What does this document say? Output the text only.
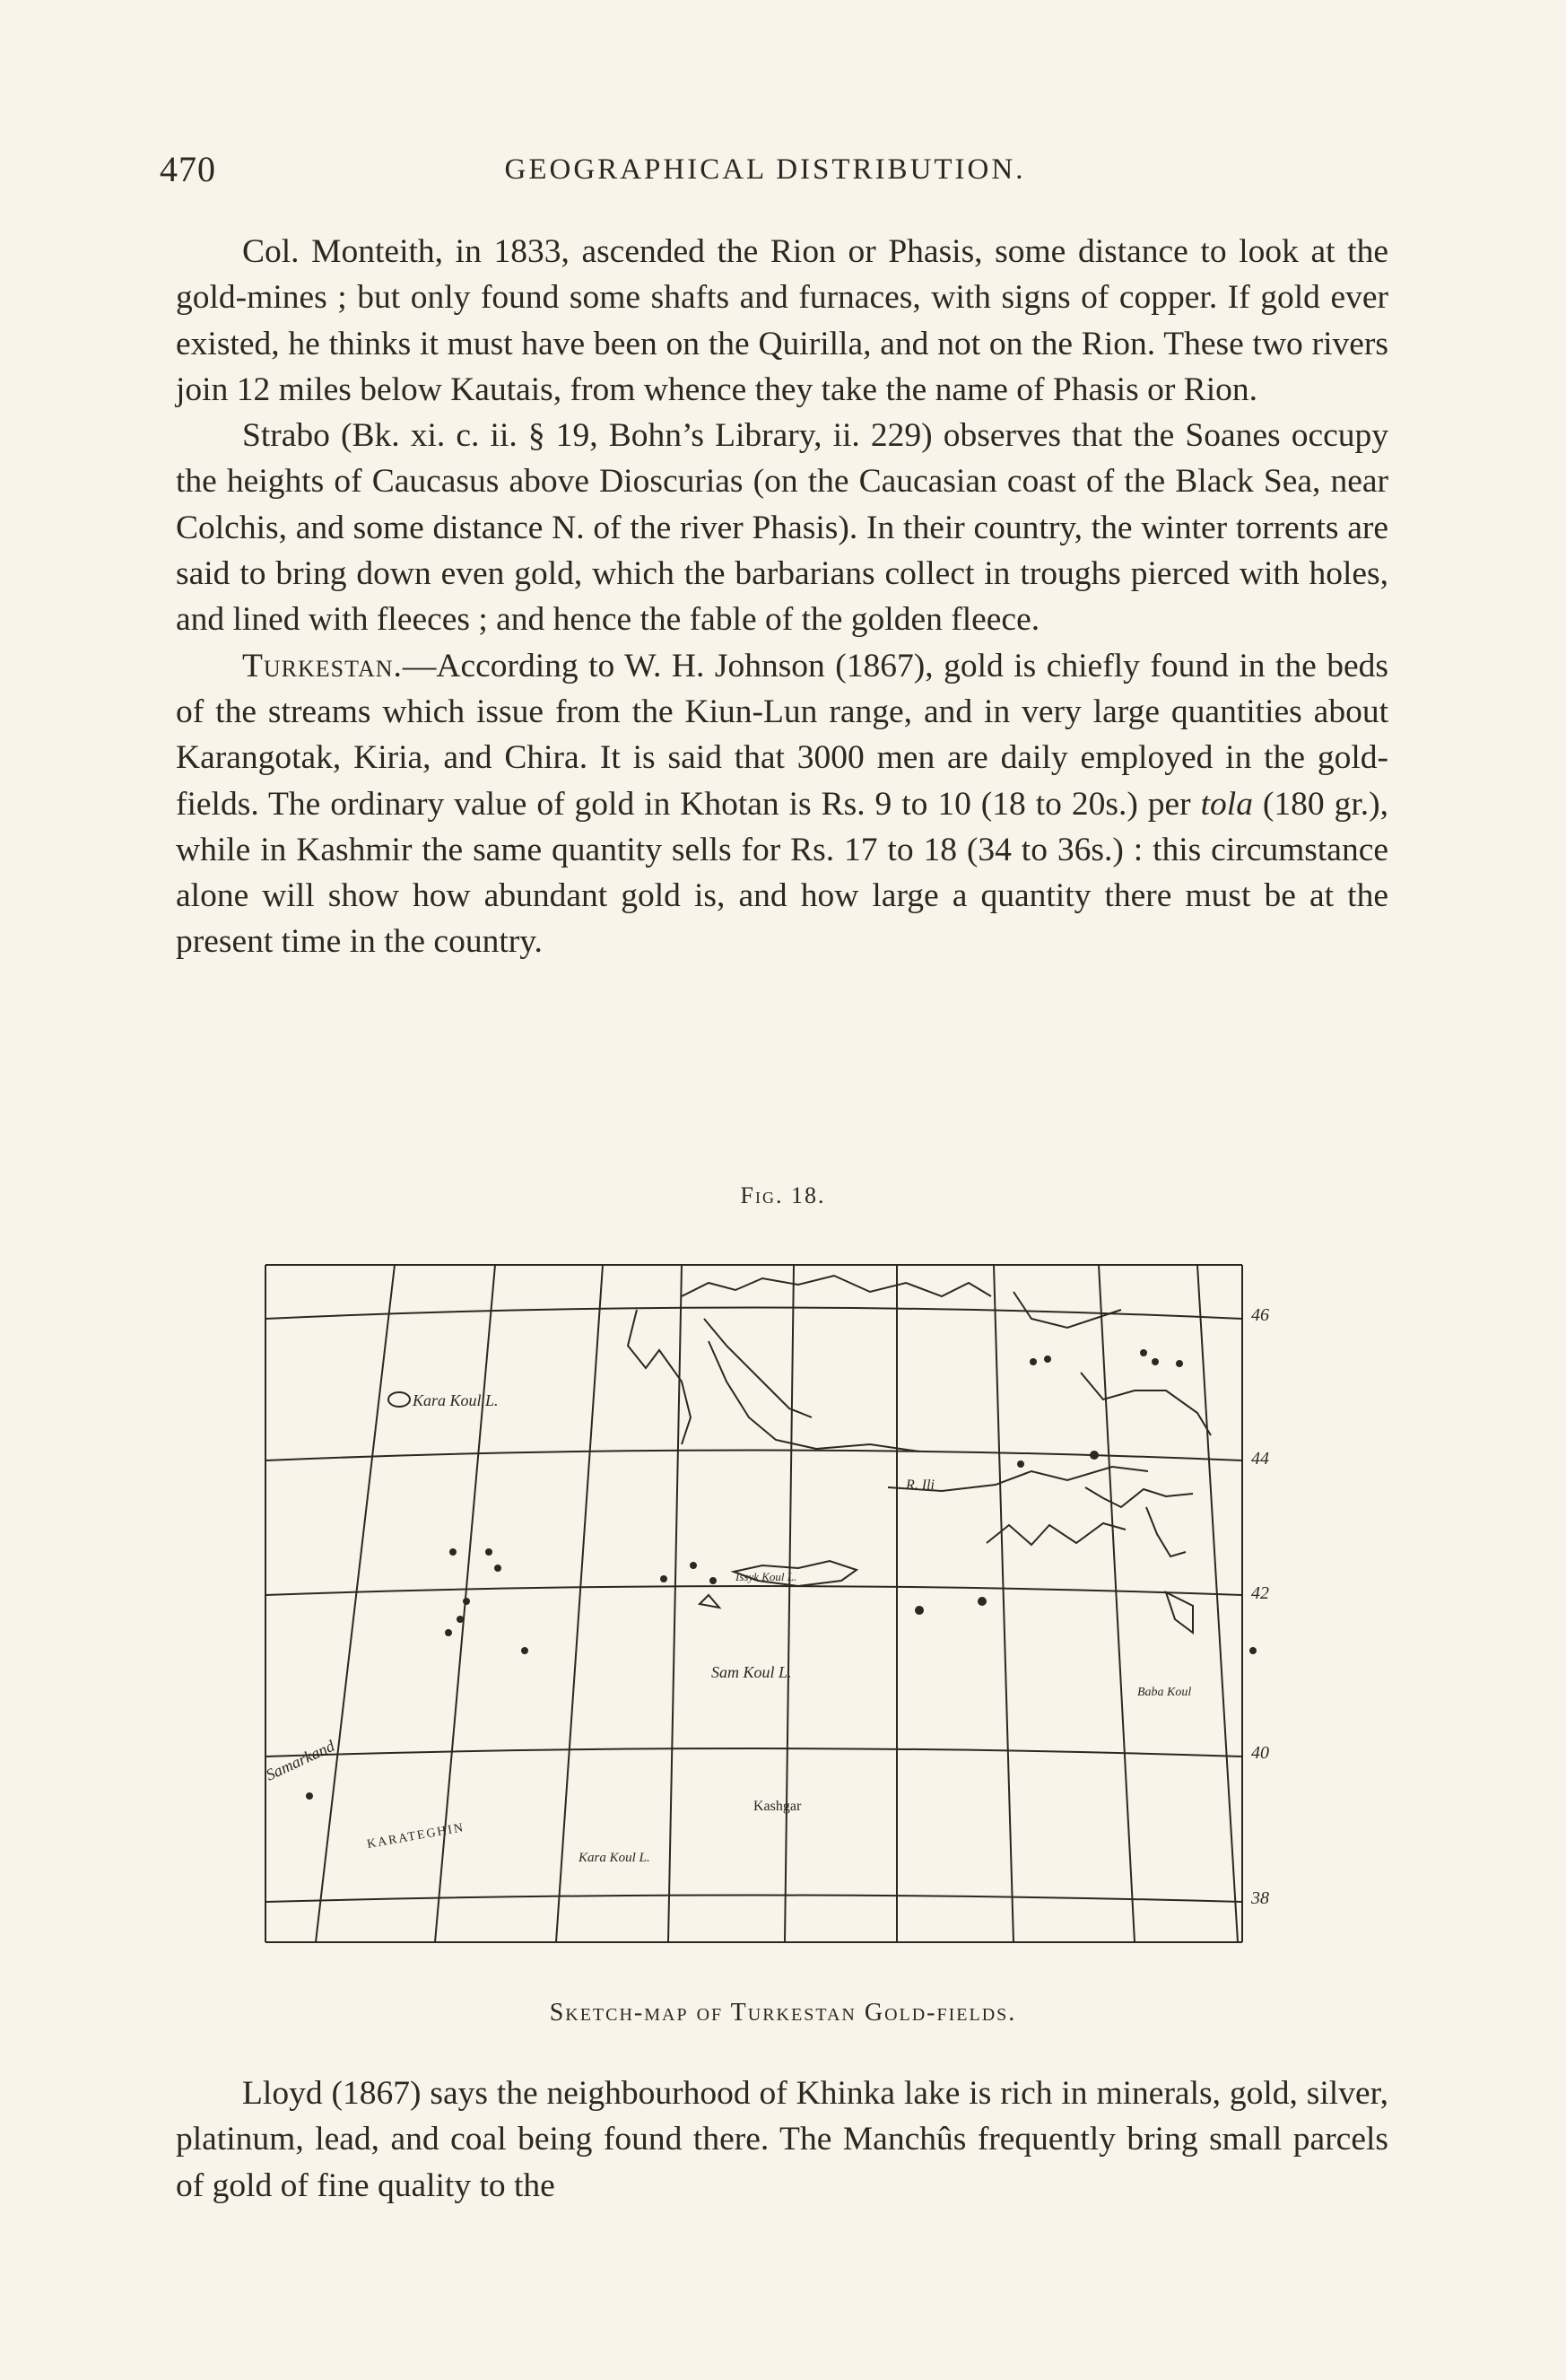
470	GEOGRAPHICAL DISTRIBUTION.

Col. Monteith, in 1833, ascended the Rion or Phasis, some distance to look at the gold-mines ; but only found some shafts and furnaces, with signs of copper. If gold ever existed, he thinks it must have been on the Quirilla, and not on the Rion. These two rivers join 12 miles below Kautais, from whence they take the name of Phasis or Rion.

Strabo (Bk. xi. c. ii. § 19, Bohn’s Library, ii. 229) observes that the Soanes occupy the heights of Caucasus above Dioscurias (on the Caucasian coast of the Black Sea, near Colchis, and some distance N. of the river Phasis). In their country, the winter torrents are said to bring down even gold, which the barbarians collect in troughs pierced with holes, and lined with fleeces ; and hence the fable of the golden fleece.

Turkestan.—According to W. H. Johnson (1867), gold is chiefly found in the beds of the streams which issue from the Kiun-Lun range, and in very large quantities about Karangotak, Kiria, and Chira. It is said that 3000 men are daily employed in the gold-fields. The ordinary value of gold in Khotan is Rs. 9 to 10 (18 to 20s.) per tola (180 gr.), while in Kashmir the same quantity sells for Rs. 17 to 18 (34 to 36s.) : this circumstance alone will show how abundant gold is, and how large a quantity there must be at the present time in the country.

Fig. 18.
46
44
42
40
38
Kara Koul L.
Issyk Koul L.
Sam Koul L.
Samarkand
R. Ili
Baba Koul
Kashgar
Kara Koul L.
KARATEGHIN
Sketch-map of Turkestan Gold-fields.

Lloyd (1867) says the neighbourhood of Khinka lake is rich in minerals, gold, silver, platinum, lead, and coal being found there. The Manchûs frequently bring small parcels of gold of fine quality to the
